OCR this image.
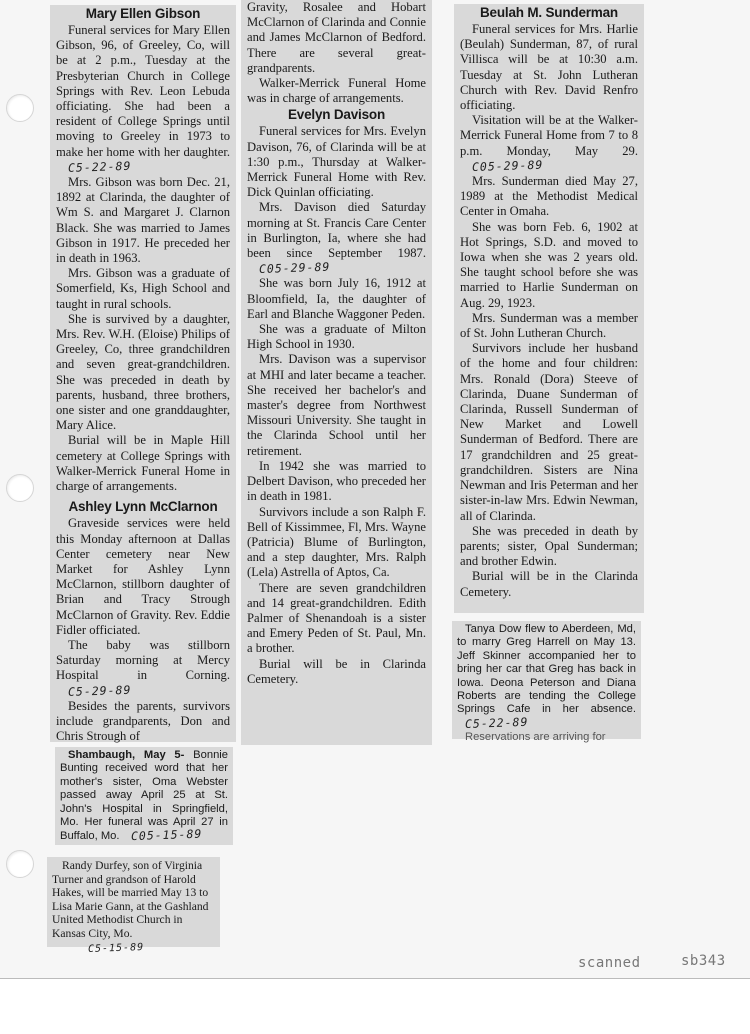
Mary Ellen Gibson

Funeral services for Mary Ellen Gibson, 96, of Greeley, Co, will be at 2 p.m., Tuesday at the Presbyterian Church in College Springs with Rev. Leon Lebuda officiating. She had been a resident of College Springs until moving to Greeley in 1973 to make her home with her daughter. C5-22-89

Mrs. Gibson was born Dec. 21, 1892 at Clarinda, the daughter of Wm S. and Margaret J. Clarnon Black. She was married to James Gibson in 1917. He preceded her in death in 1963.

Mrs. Gibson was a graduate of Somerfield, Ks, High School and taught in rural schools.

She is survived by a daughter, Mrs. Rev. W.H. (Eloise) Philips of Greeley, Co, three grandchildren and seven great-grandchildren. She was preceded in death by parents, husband, three brothers, one sister and one granddaughter, Mary Alice.

Burial will be in Maple Hill cemetery at College Springs with Walker-Merrick Funeral Home in charge of arrangements.

Ashley Lynn McClarnon

Graveside services were held this Monday afternoon at Dallas Center cemetery near New Market for Ashley Lynn McClarnon, stillborn daughter of Brian and Tracy Strough McClarnon of Gravity. Rev. Eddie Fidler officiated.

The baby was stillborn Saturday morning at Mercy Hospital in Corning.C5-29-89

Besides the parents, survivors include grandparents, Don and Chris Strough of

Gravity, Rosalee and Hobart McClarnon of Clarinda and Connie and James McClarnon of Bedford. There are several great-grandparents.

Walker-Merrick Funeral Home was in charge of arrangements.

Evelyn Davison

Funeral services for Mrs. Evelyn Davison, 76, of Clarinda will be at 1:30 p.m., Thursday at Walker-Merrick Funeral Home with Rev. Dick Quinlan officiating.

Mrs. Davison died Saturday morning at St. Francis Care Center in Burlington, Ia, where she had been since September 1987. C05-29-89

She was born July 16, 1912 at Bloomfield, Ia, the daughter of Earl and Blanche Waggoner Peden.

She was a graduate of Milton High School in 1930.

Mrs. Davison was a supervisor at MHI and later became a teacher. She received her bachelor's and master's degree from Northwest Missouri University. She taught in the Clarinda School until her retirement.

In 1942 she was married to Delbert Davison, who preceded her in death in 1981.

Survivors include a son Ralph F. Bell of Kissimmee, Fl, Mrs. Wayne (Patricia) Blume of Burlington, and a step daughter, Mrs. Ralph (Lela) Astrella of Aptos, Ca.

There are seven grandchildren and 14 great-grandchildren. Edith Palmer of Shenandoah is a sister and Emery Peden of St. Paul, Mn. a brother.

Burial will be in Clarinda Cemetery.

Beulah M. Sunderman

Funeral services for Mrs. Harlie (Beulah) Sunderman, 87, of rural Villisca will be at 10:30 a.m. Tuesday at St. John Lutheran Church with Rev. David Renfro officiating.

Visitation will be at the Walker-Merrick Funeral Home from 7 to 8 p.m. Monday, May 29. C05-29-89

Mrs. Sunderman died May 27, 1989 at the Methodist Medical Center in Omaha.

She was born Feb. 6, 1902 at Hot Springs, S.D. and moved to Iowa when she was 2 years old. She taught school before she was married to Harlie Sunderman on Aug. 29, 1923.

Mrs. Sunderman was a member of St. John Lutheran Church.

Survivors include her husband of the home and four children: Mrs. Ronald (Dora) Steeve of Clarinda, Duane Sunderman of Clarinda, Russell Sunderman of New Market and Lowell Sunderman of Bedford. There are 17 grandchildren and 25 great-grandchildren. Sisters are Nina Newman and Iris Peterman and her sister-in-law Mrs. Edwin Newman, all of Clarinda.

She was preceded in death by parents; sister, Opal Sunderman; and brother Edwin.

Burial will be in the Clarinda Cemetery.

Tanya Dow flew to Aberdeen, Md, to marry Greg Harrell on May 13. Jeff Skinner accompanied her to bring her car that Greg has back in Iowa. Deona Peterson and Diana Roberts are tending the College Springs Cafe in her absence. C5-22-89

Reservations are arriving for

Shambaugh, May 5- Bonnie Bunting received word that her mother's sister, Oma Webster passed away April 25 at St. John's Hospital in Springfield, Mo. Her funeral was April 27 in Buffalo, Mo. C05-15-89

Randy Durfey, son of Virginia Turner and grandson of Harold Hakes, will be married May 13 to Lisa Marie Gann, at the Gashland United Methodist Church in Kansas City, Mo.

C5-15-89
scanned	sb343
